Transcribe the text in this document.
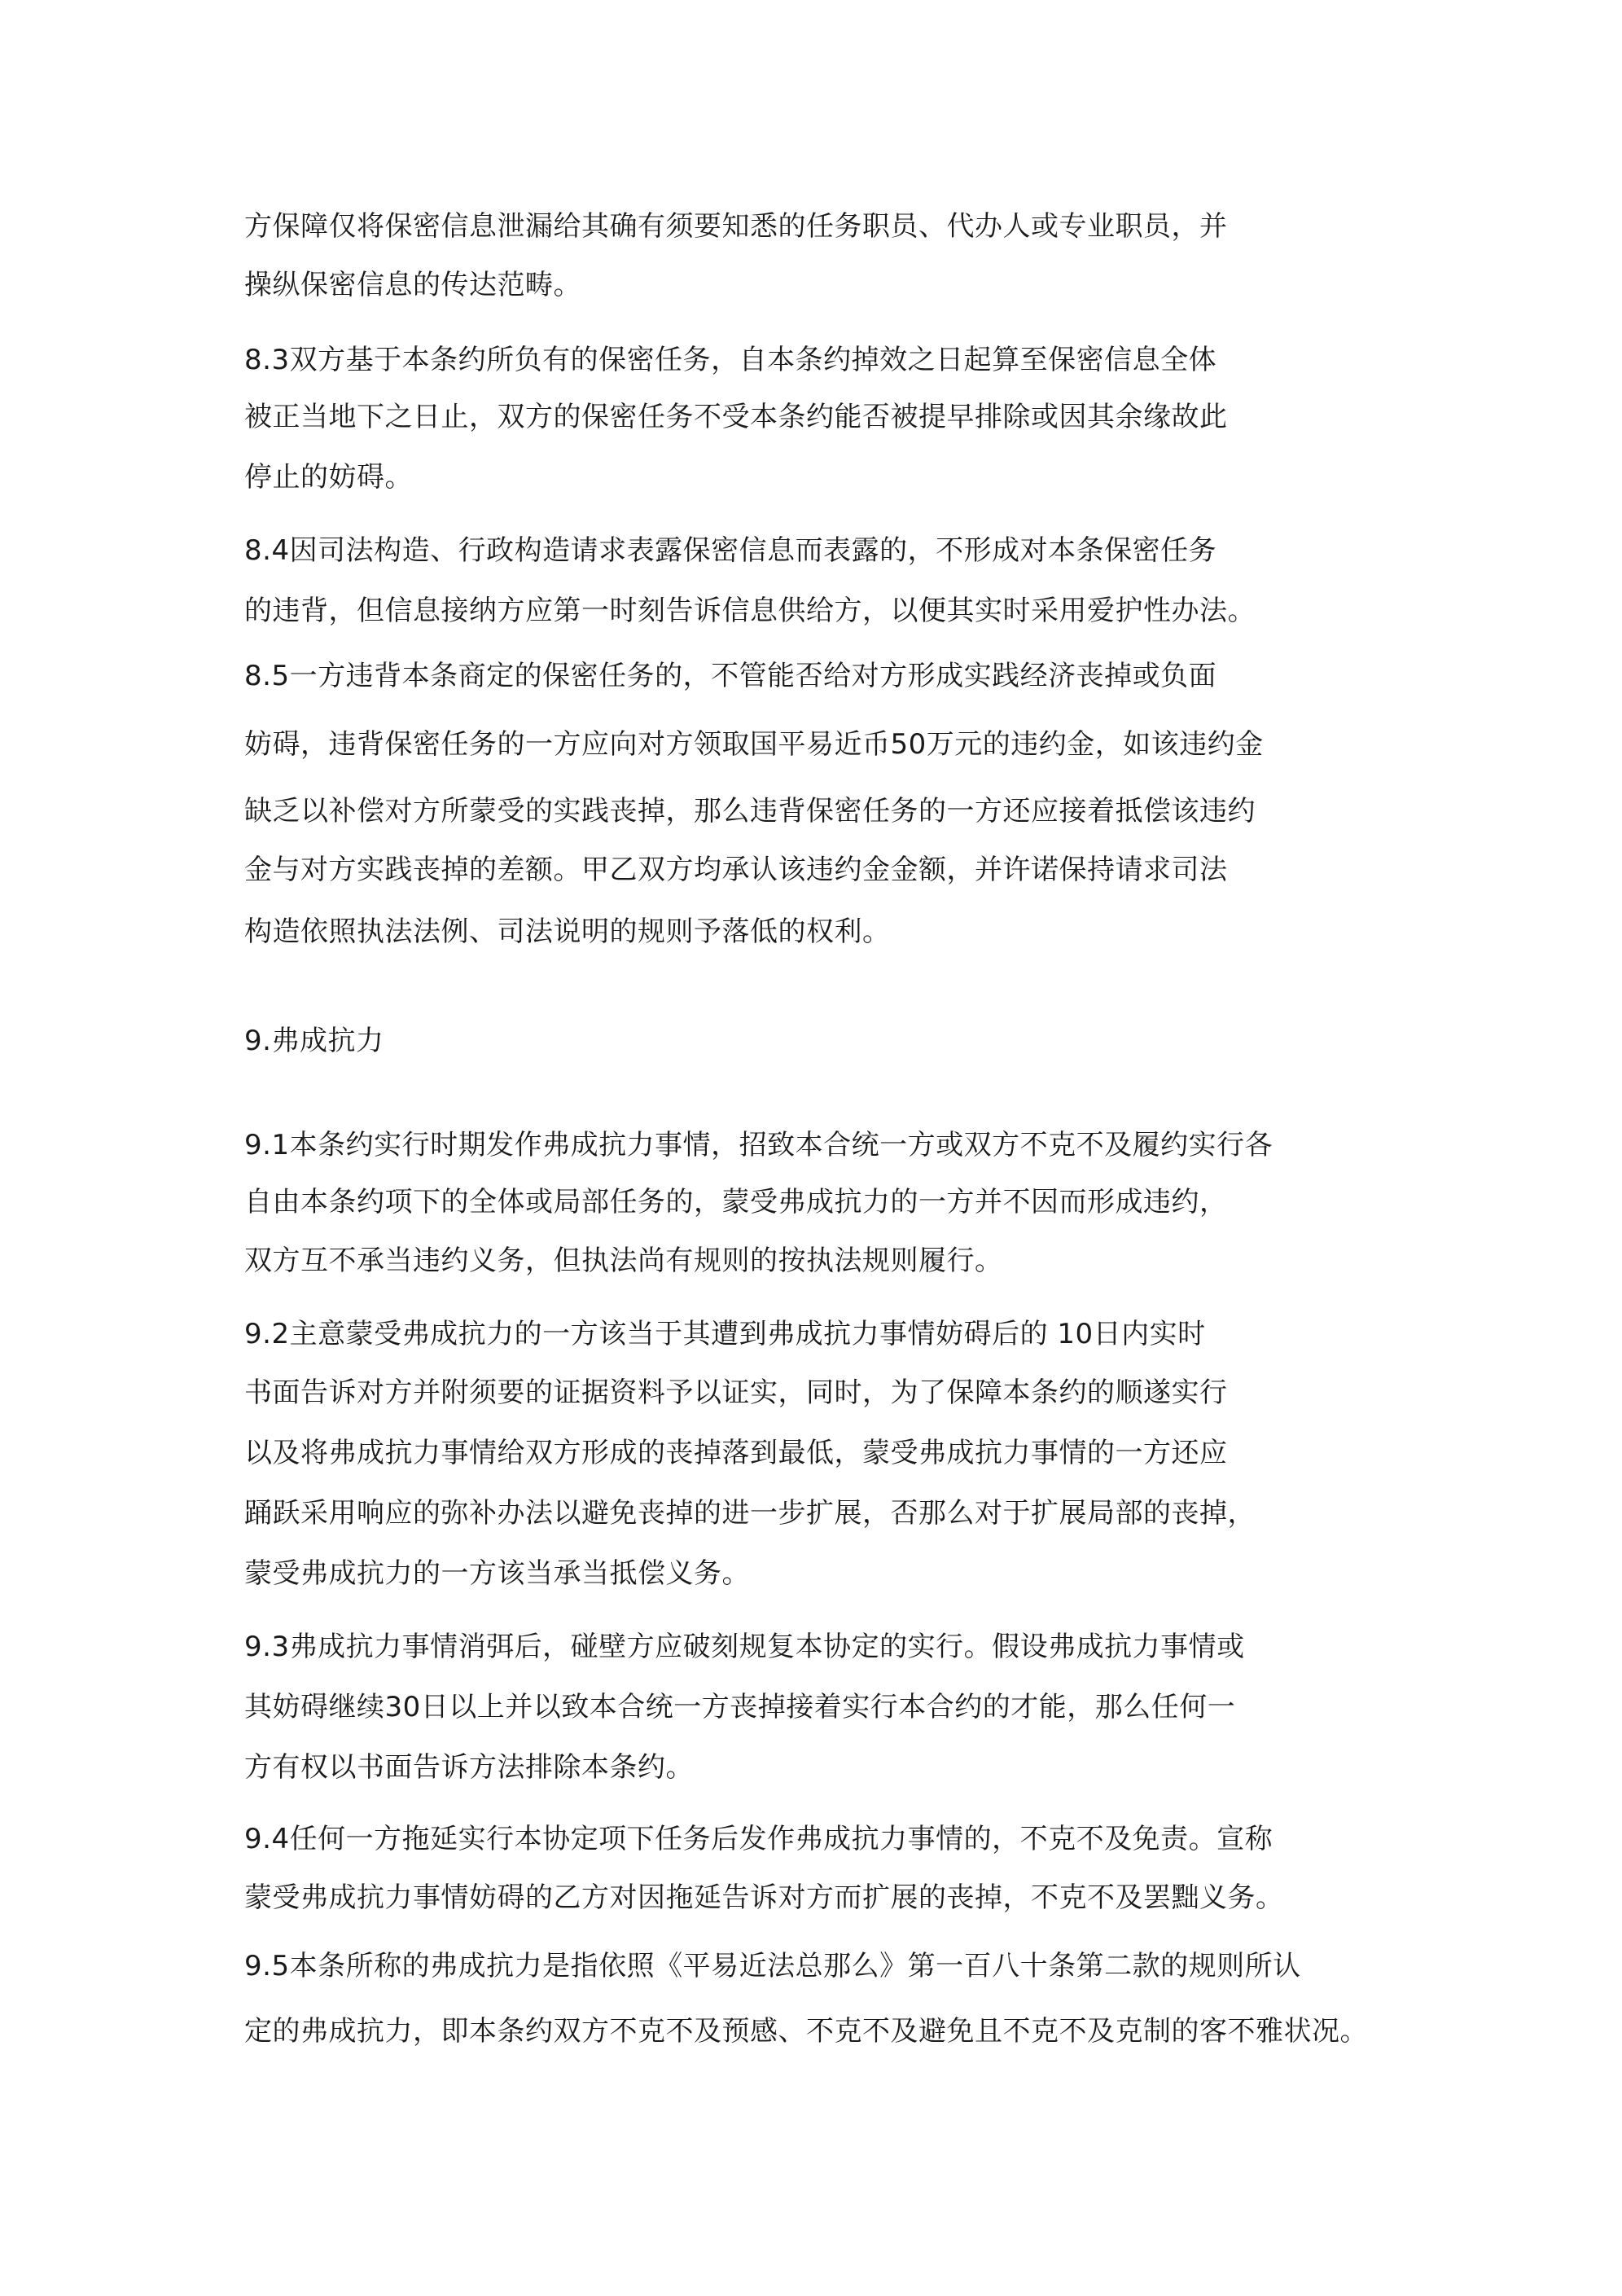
方保障仅将保密信息泄漏给其确有须要知悉的任务职员、代办人或专业职员，并
操纵保密信息的传达范畴。
8.3双方基于本条约所负有的保密任务，自本条约掉效之日起算至保密信息全体
被正当地下之日止，双方的保密任务不受本条约能否被提早排除或因其余缘故此
停止的妨碍。
8.4因司法构造、行政构造请求表露保密信息而表露的，不形成对本条保密任务
的违背，但信息接纳方应第一时刻告诉信息供给方，以便其实时采用爱护性办法。
8.5一方违背本条商定的保密任务的，不管能否给对方形成实践经济丧掉或负面
妨碍，违背保密任务的一方应向对方领取国平易近币50万元的违约金，如该违约金
缺乏以补偿对方所蒙受的实践丧掉，那么违背保密任务的一方还应接着抵偿该违约
金与对方实践丧掉的差额。甲乙双方均承认该违约金金额，并许诺保持请求司法
构造依照执法法例、司法说明的规则予落低的权利。
9.弗成抗力
9.1本条约实行时期发作弗成抗力事情，招致本合统一方或双方不克不及履约实行各
自由本条约项下的全体或局部任务的，蒙受弗成抗力的一方并不因而形成违约，
双方互不承当违约义务，但执法尚有规则的按执法规则履行。
9.2主意蒙受弗成抗力的一方该当于其遭到弗成抗力事情妨碍后的 10日内实时
书面告诉对方并附须要的证据资料予以证实，同时，为了保障本条约的顺遂实行
以及将弗成抗力事情给双方形成的丧掉落到最低，蒙受弗成抗力事情的一方还应
踊跃采用响应的弥补办法以避免丧掉的进一步扩展，否那么对于扩展局部的丧掉，
蒙受弗成抗力的一方该当承当抵偿义务。
9.3弗成抗力事情消弭后，碰壁方应破刻规复本协定的实行。假设弗成抗力事情或
其妨碍继续30日以上并以致本合统一方丧掉接着实行本合约的才能，那么任何一
方有权以书面告诉方法排除本条约。
9.4任何一方拖延实行本协定项下任务后发作弗成抗力事情的，不克不及免责。宣称
蒙受弗成抗力事情妨碍的乙方对因拖延告诉对方而扩展的丧掉，不克不及罢黜义务。
9.5本条所称的弗成抗力是指依照《平易近法总那么》第一百八十条第二款的规则所认
定的弗成抗力，即本条约双方不克不及预感、不克不及避免且不克不及克制的客不雅状况。
